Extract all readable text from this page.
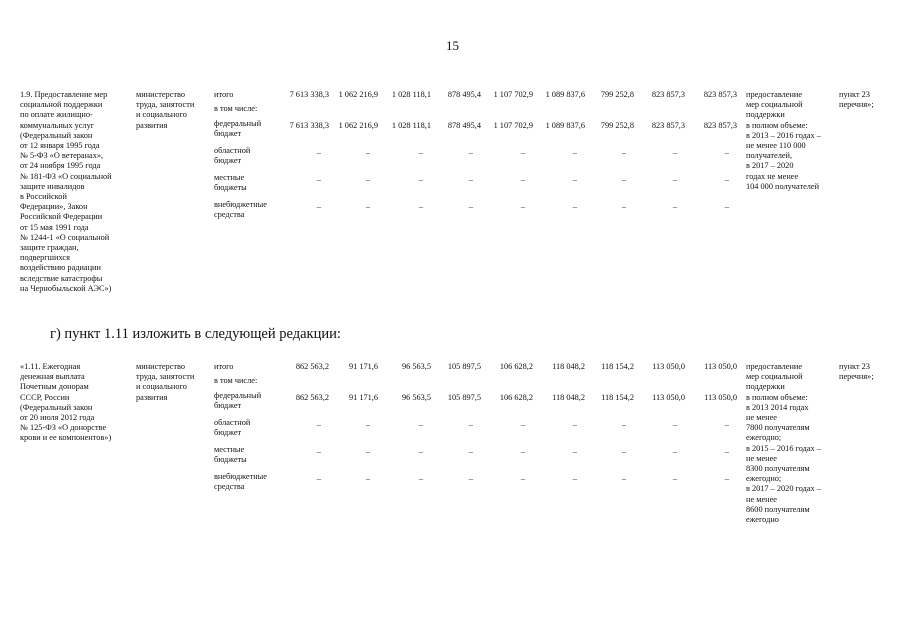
15
1.9. Предоставление мер
социальной поддержки
по оплате жилищно-
коммунальных услуг
(Федеральный закон
от 12 января 1995 года
№ 5-ФЗ «О ветеранах»,
от 24 ноября 1995 года
№ 181-ФЗ «О социальной
защите инвалидов
в Российской
Федерации», Закон
Российской Федерации
от 15 мая 1991 года
№ 1244-1 «О социальной
защите граждан,
подвергшихся
воздействию радиации
вследствие катастрофы
на Чернобыльской АЭС»)
министерство
труда, занятости
и социального
развития

итого

в том числе:

федеральный
бюджет

областной
бюджет

местные
бюджеты

внебюджетные
средства

7 613 338,3
7 613 338,3
–
–
–
1 062 216,9
1 062 216,9
–
–
–
1 028 118,1
1 028 118,1
–
–
–
878 495,4
878 495,4
–
–
–
1 107 702,9
1 107 702,9
–
–
–
1 089 837,6
1 089 837,6
–
–
–
799 252,8
799 252,8
–
–
–
823 857,3
823 857,3
–
–
–
823 857,3
823 857,3
–
–
–
предоставление
мер социальной
поддержки
в полном объеме:
в 2013 – 2016 годах –
не менее 110 000
получателей,
в 2017 – 2020
годах не менее
104 000 получателей
пункт 23
перечня»;
г) пункт 1.11 изложить в следующей редакции:
«1.11. Ежегодная
денежная выплата
Почетным донорам
СССР, России
(Федеральный закон
от 20 июля 2012 года
№ 125-ФЗ «О донорстве
крови и ее компонентов»)
министерство
труда, занятости
и социального
развития

итого

в том числе:

федеральный
бюджет

областной
бюджет

местные
бюджеты

внебюджетные
средства

862 563,2
862 563,2
–
–
–
91 171,6
91 171,6
–
–
–
96 563,5
96 563,5
–
–
–
105 897,5
105 897,5
–
–
–
106 628,2
106 628,2
–
–
–
118 048,2
118 048,2
–
–
–
118 154,2
118 154,2
–
–
–
113 050,0
113 050,0
–
–
–
113 050,0
113 050,0
–
–
–
предоставление
мер социальной
поддержки
в полном объеме:
в 2013 2014 годах
не менее
7800 получателям
ежегодно;
в 2015 – 2016 годах –
не менее
8300 получателям
ежегодно;
в 2017 – 2020 годах –
не менее
8600 получателям
ежегодно
пункт 23
перечня»;
